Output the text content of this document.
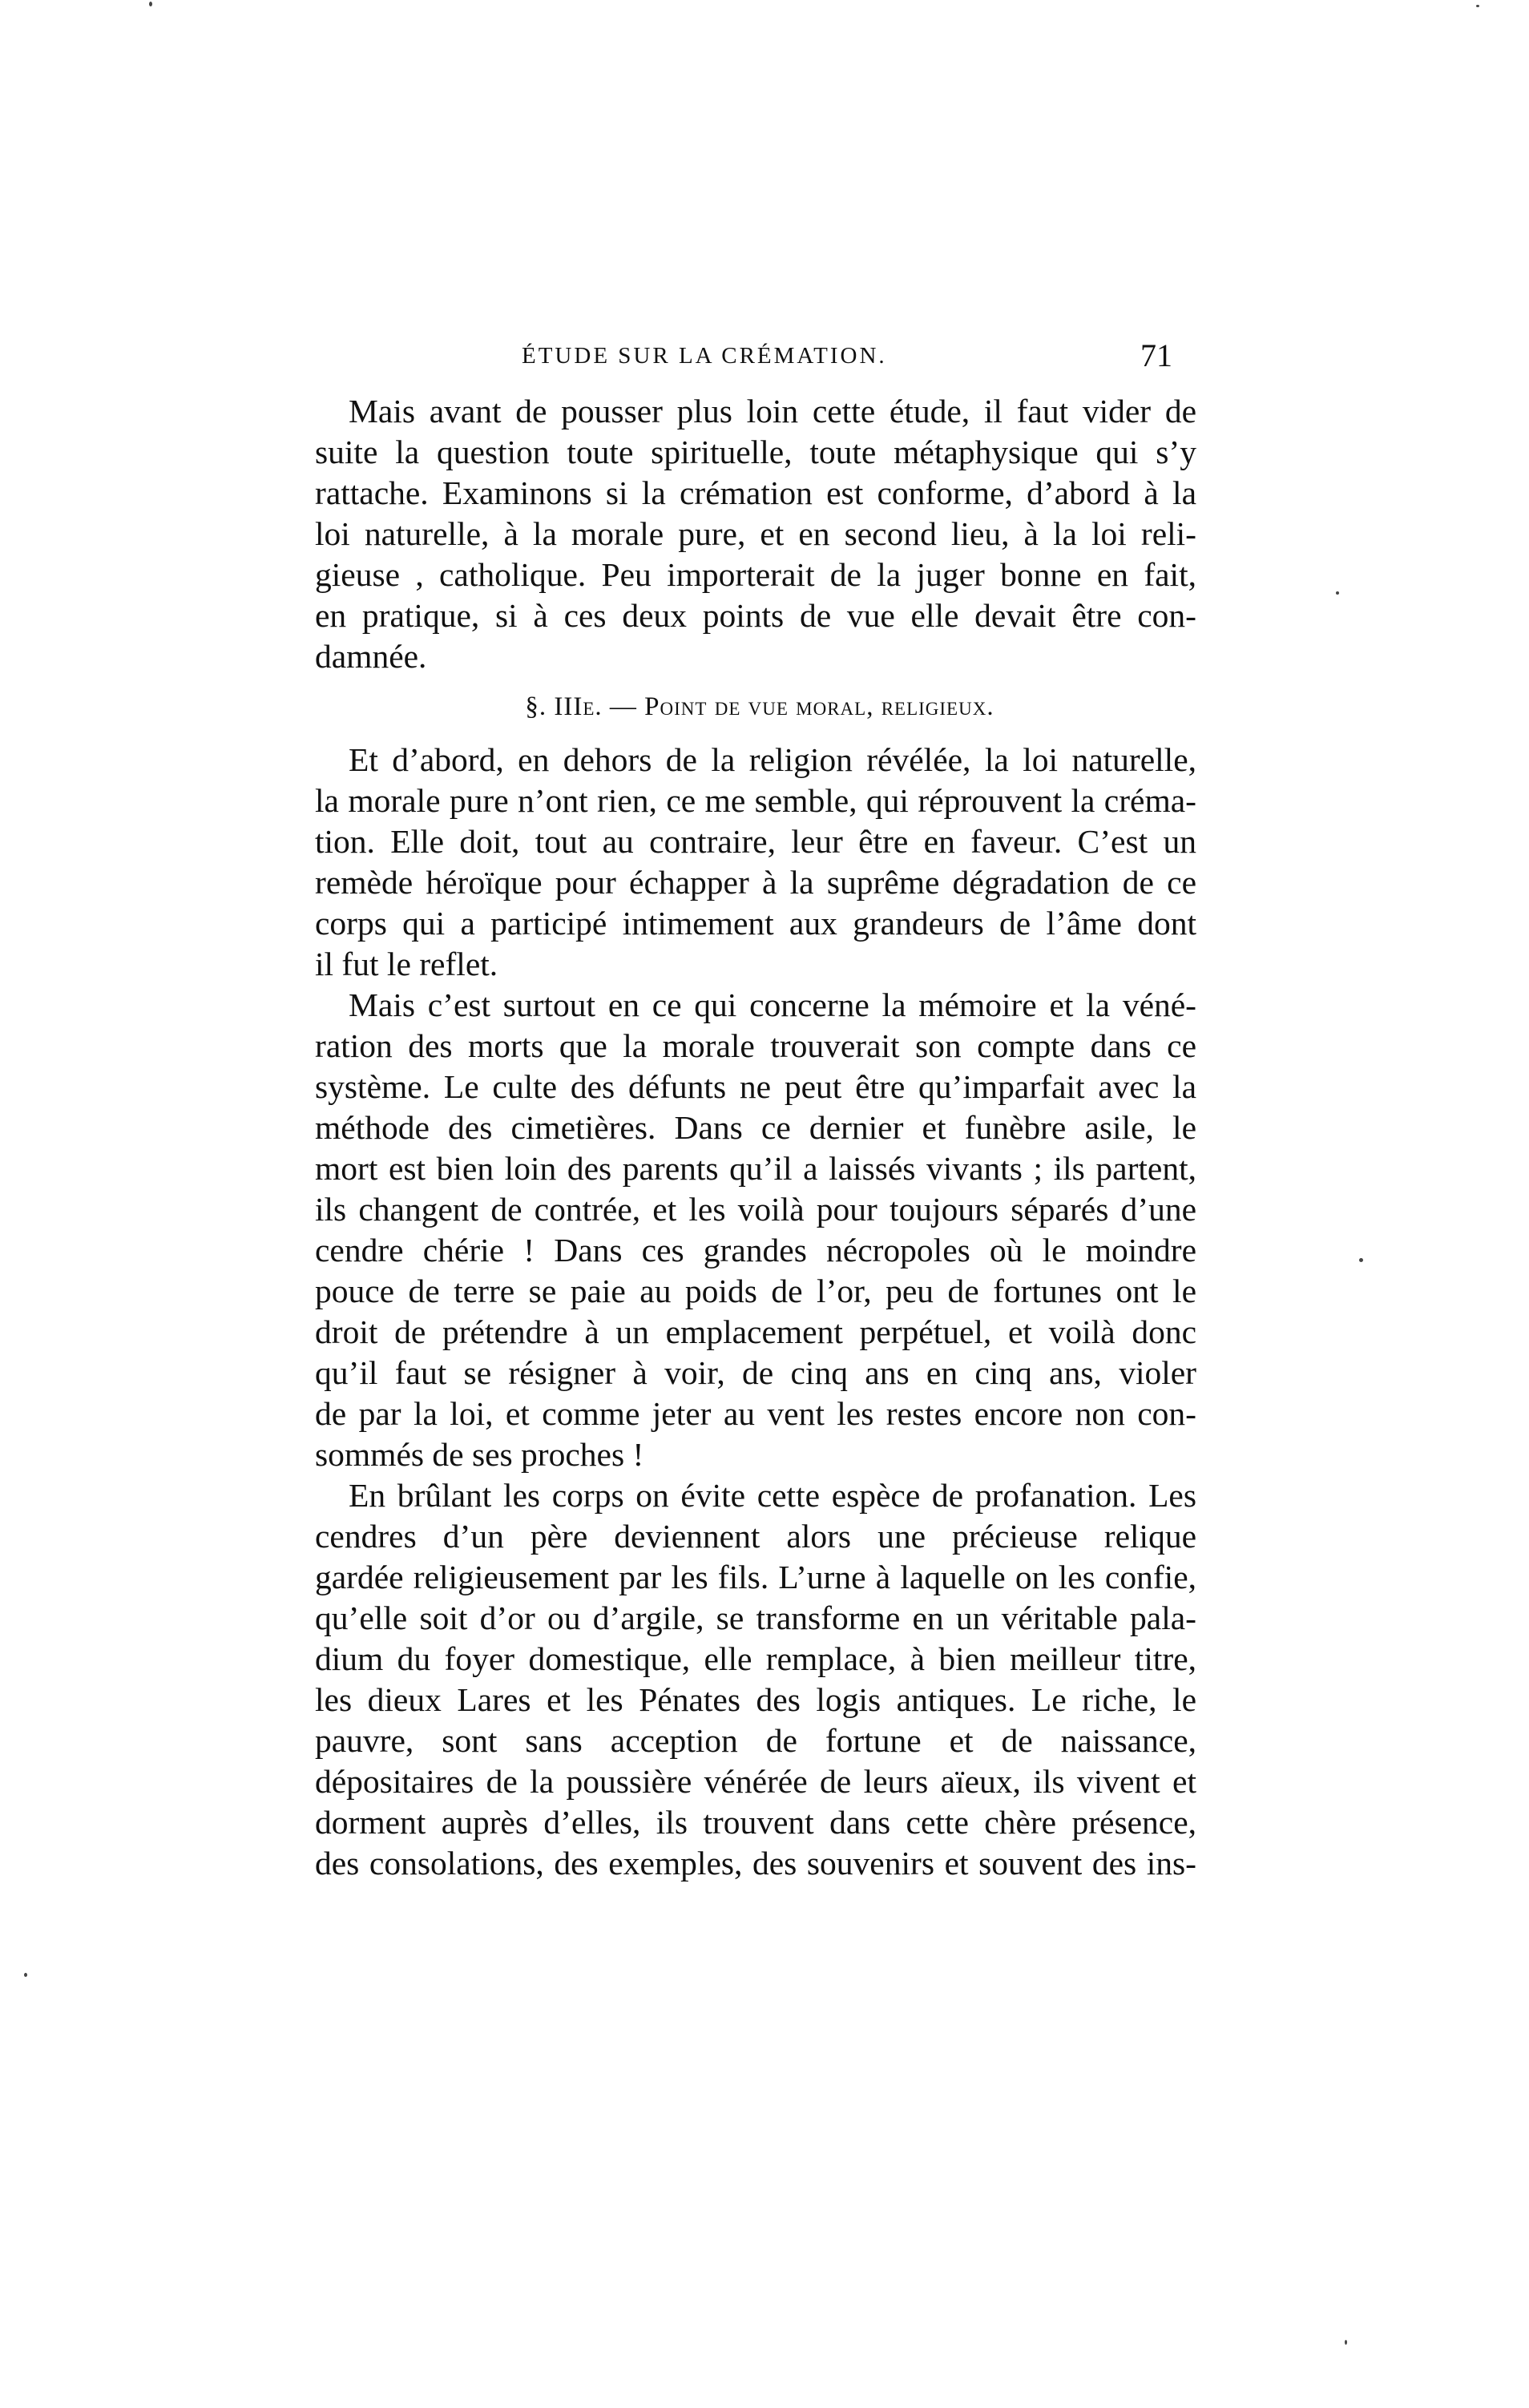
ÉTUDE SUR LA CRÉMATION.	71
Mais avant de pousser plus loin cette étude, il faut vider de
suite la question toute spirituelle, toute métaphysique qui s’y
rattache. Examinons si la crémation est conforme, d’abord à la
loi naturelle, à la morale pure, et en second lieu, à la loi reli-
gieuse , catholique. Peu importerait de la juger bonne en fait,
en pratique, si à ces deux points de vue elle devait être con-
damnée.
§. IIIe. — Point de vue moral, religieux.
Et d’abord, en dehors de la religion révélée, la loi naturelle,
la morale pure n’ont rien, ce me semble, qui réprouvent la créma-
tion. Elle doit, tout au contraire, leur être en faveur. C’est un
remède héroïque pour échapper à la suprême dégradation de ce
corps qui a participé intimement aux grandeurs de l’âme dont
il fut le reflet.
Mais c’est surtout en ce qui concerne la mémoire et la véné-
ration des morts que la morale trouverait son compte dans ce
système. Le culte des défunts ne peut être qu’imparfait avec la
méthode des cimetières. Dans ce dernier et funèbre asile, le
mort est bien loin des parents qu’il a laissés vivants ; ils partent,
ils changent de contrée, et les voilà pour toujours séparés d’une
cendre chérie ! Dans ces grandes nécropoles où le moindre
pouce de terre se paie au poids de l’or, peu de fortunes ont le
droit de prétendre à un emplacement perpétuel, et voilà donc
qu’il faut se résigner à voir, de cinq ans en cinq ans, violer
de par la loi, et comme jeter au vent les restes encore non con-
sommés de ses proches !
En brûlant les corps on évite cette espèce de profanation. Les
cendres d’un père deviennent alors une précieuse relique
gardée religieusement par les fils. L’urne à laquelle on les confie,
qu’elle soit d’or ou d’argile, se transforme en un véritable pala-
dium du foyer domestique, elle remplace, à bien meilleur titre,
les dieux Lares et les Pénates des logis antiques. Le riche, le
pauvre, sont sans acception de fortune et de naissance,
dépositaires de la poussière vénérée de leurs aïeux, ils vivent et
dorment auprès d’elles, ils trouvent dans cette chère présence,
des consolations, des exemples, des souvenirs et souvent des ins-
